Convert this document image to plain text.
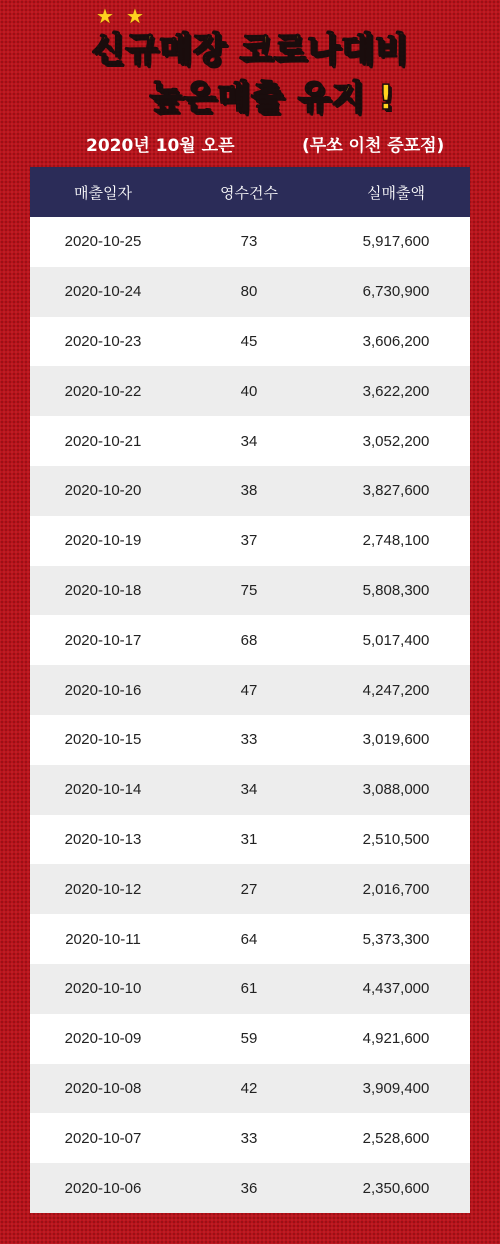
★ ★
신규매장 코로나대비
높은매출 유지 !
2020년 10월 오픈	(무쏘 이천 증포점)
매출일자	영수건수	실매출액
2020-10-25	73	5,917,600
2020-10-24	80	6,730,900
2020-10-23	45	3,606,200
2020-10-22	40	3,622,200
2020-10-21	34	3,052,200
2020-10-20	38	3,827,600
2020-10-19	37	2,748,100
2020-10-18	75	5,808,300
2020-10-17	68	5,017,400
2020-10-16	47	4,247,200
2020-10-15	33	3,019,600
2020-10-14	34	3,088,000
2020-10-13	31	2,510,500
2020-10-12	27	2,016,700
2020-10-11	64	5,373,300
2020-10-10	61	4,437,000
2020-10-09	59	4,921,600
2020-10-08	42	3,909,400
2020-10-07	33	2,528,600
2020-10-06	36	2,350,600
